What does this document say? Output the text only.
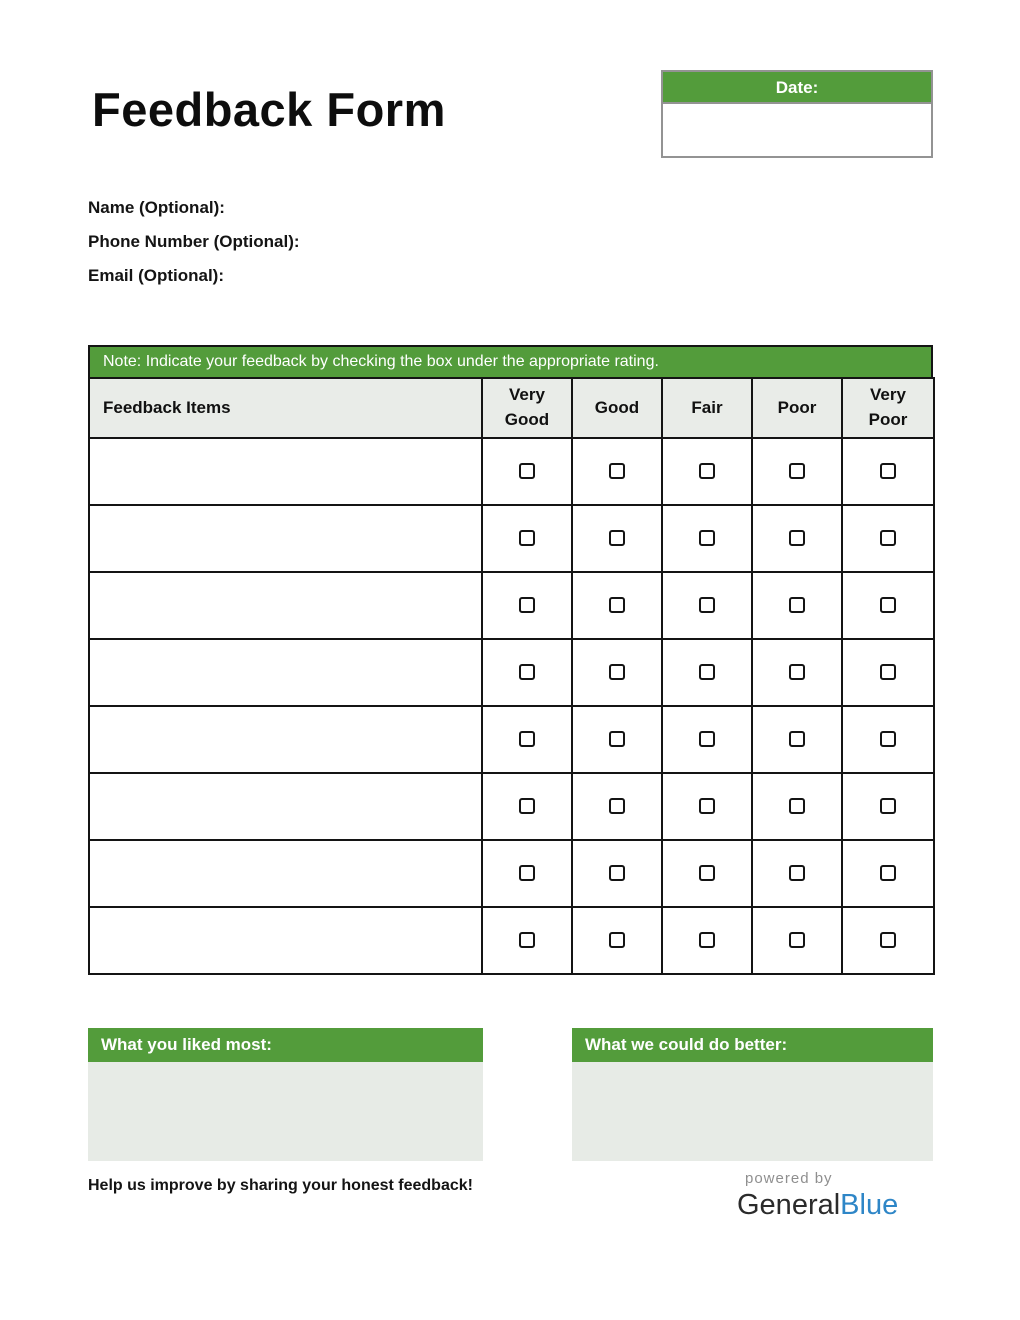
Feedback Form	Date:
Name (Optional):
Phone Number (Optional):
Email (Optional):
Note: Indicate your feedback by checking the box under the appropriate rating.
Feedback Items	Very Good	Good	Fair	Poor	Very Poor

What you liked most:	What we could do better:
Help us improve by sharing your honest feedback!	powered by
GeneralBlue
